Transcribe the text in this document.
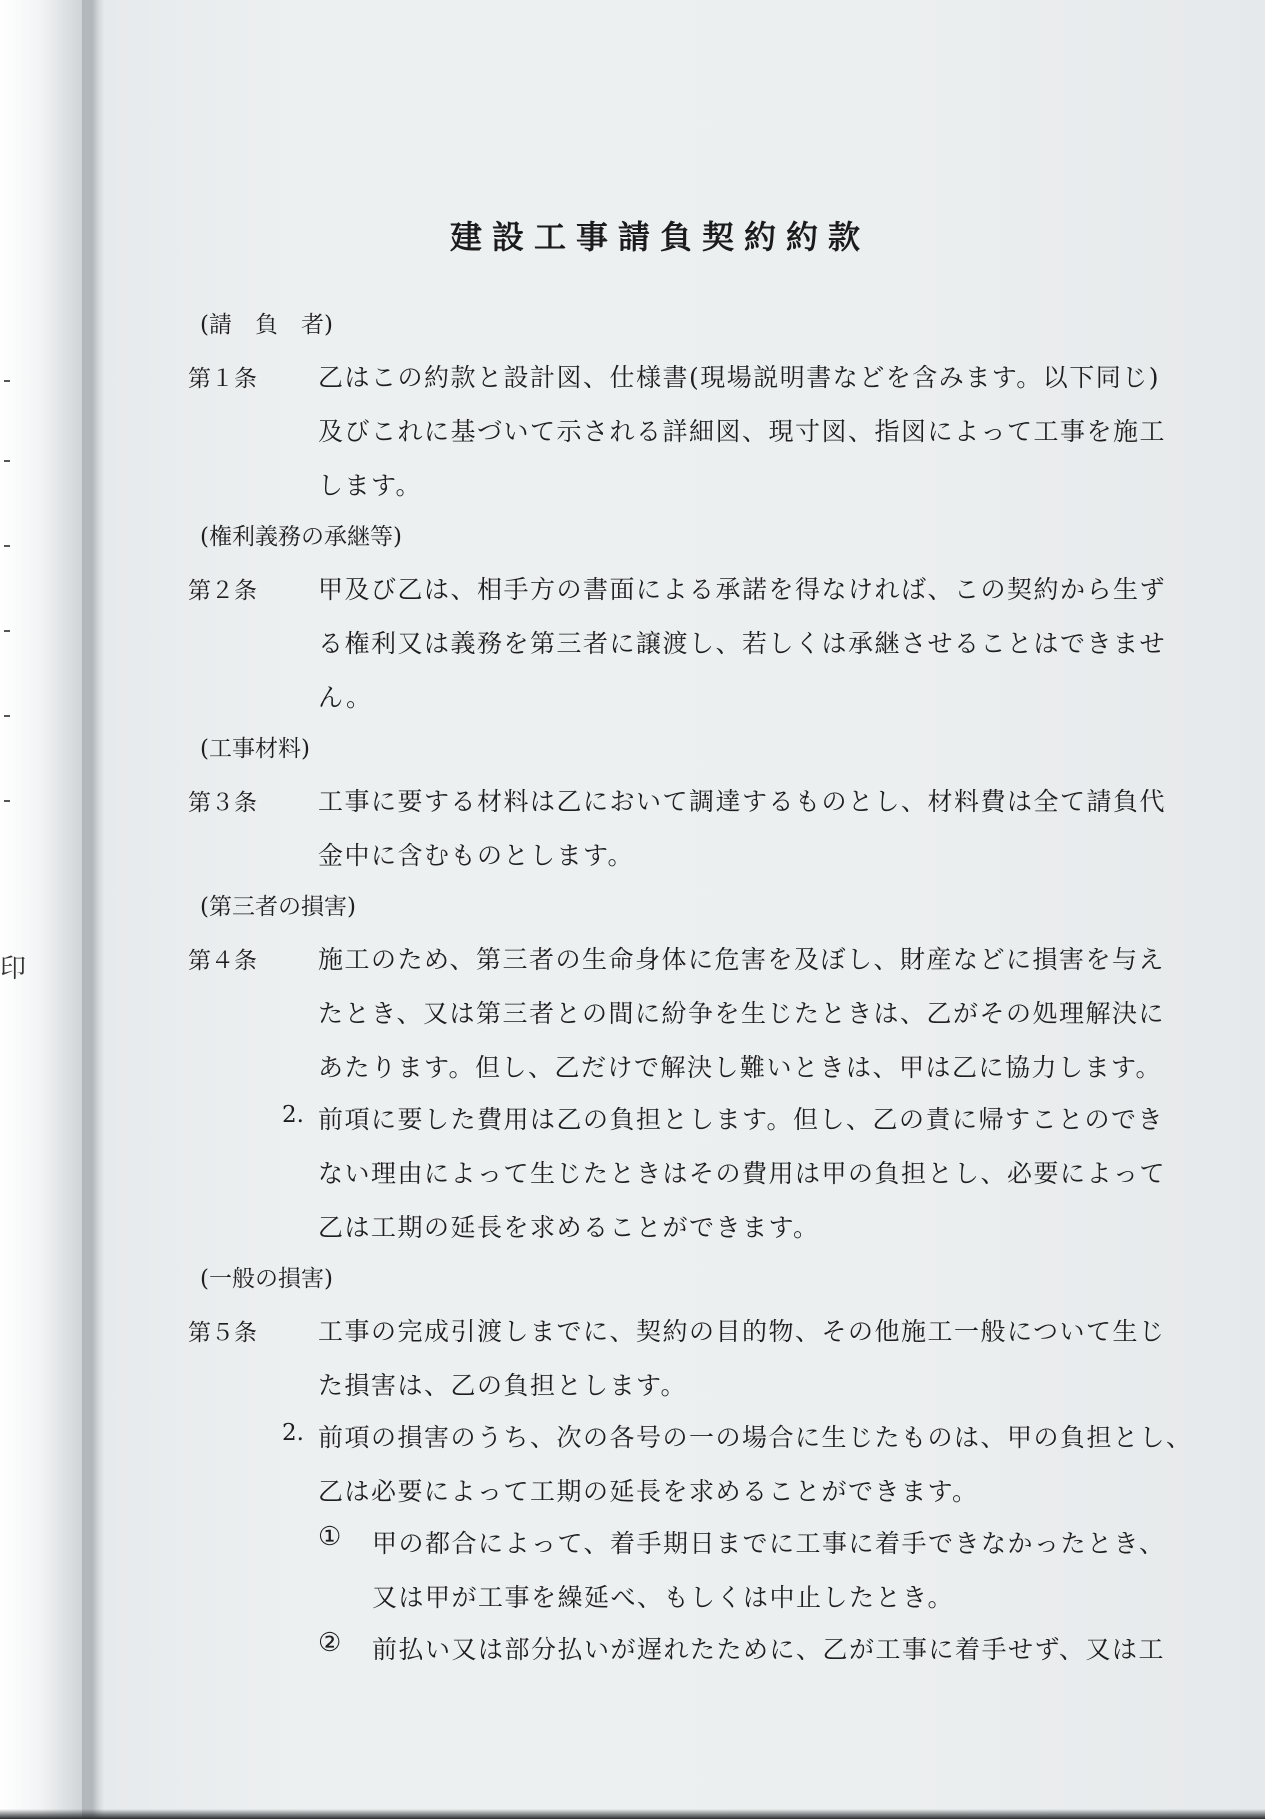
印
建設工事請負契約約款
(請　負　者)
第１条 乙はこの約款と設計図、仕様書(現場説明書などを含みます。以下同じ)
及びこれに基づいて示される詳細図、現寸図、指図によって工事を施工
します。
(権利義務の承継等)
第２条 甲及び乙は、相手方の書面による承諾を得なければ、この契約から生ず
る権利又は義務を第三者に譲渡し、若しくは承継させることはできませ
ん。
(工事材料)
第３条 工事に要する材料は乙において調達するものとし、材料費は全て請負代
金中に含むものとします。
(第三者の損害)
第４条 施工のため、第三者の生命身体に危害を及ぼし、財産などに損害を与え
たとき、又は第三者との間に紛争を生じたときは、乙がその処理解決に
あたります。但し、乙だけで解決し難いときは、甲は乙に協力します。
2. 前項に要した費用は乙の負担とします。但し、乙の責に帰すことのでき
ない理由によって生じたときはその費用は甲の負担とし、必要によって
乙は工期の延長を求めることができます。
(一般の損害)
第５条 工事の完成引渡しまでに、契約の目的物、その他施工一般について生じ
た損害は、乙の負担とします。
2. 前項の損害のうち、次の各号の一の場合に生じたものは、甲の負担とし、
乙は必要によって工期の延長を求めることができます。
① 甲の都合によって、着手期日までに工事に着手できなかったとき、
又は甲が工事を繰延べ、もしくは中止したとき。
② 前払い又は部分払いが遅れたために、乙が工事に着手せず、又は工
